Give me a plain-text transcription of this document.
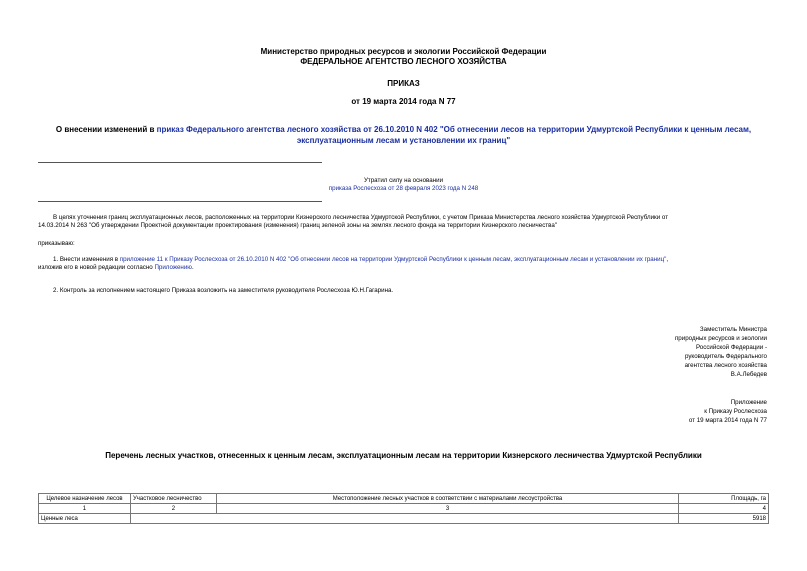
Министерство природных ресурсов и экологии Российской Федерации
ФЕДЕРАЛЬНОЕ АГЕНТСТВО ЛЕСНОГО ХОЗЯЙСТВА
ПРИКАЗ
от 19 марта 2014 года N 77
О внесении изменений в приказ Федерального агентства лесного хозяйства от 26.10.2010 N 402 "Об отнесении лесов на территории Удмуртской Республики к ценным лесам, эксплуатационным лесам и установлении их границ"
Утратил силу на основании
приказа Рослесхоза от 28 февраля 2023 года N 248
В целях уточнения границ эксплуатационных лесов, расположенных на территории Кизнерского лесничества Удмуртской Республики, с учетом Приказа Министерства лесного хозяйства Удмуртской Республики от
14.03.2014 N 263 "Об утверждении Проектной документации проектирования (изменения) границ зеленой зоны на землях лесного фонда на территории Кизнерского лесничества"
приказываю:
1. Внести изменения в приложение 11 к Приказу Рослесхоза от 26.10.2010 N 402 "Об отнесении лесов на территории Удмуртской Республики к ценным лесам, эксплуатационным лесам и установлении их границ",
изложив его в новой редакции согласно Приложению.
2. Контроль за исполнением настоящего Приказа возложить на заместителя руководителя Рослесхоза Ю.Н.Гагарина.
Заместитель Министра
природных ресурсов и экологии
Российской Федерации -
руководитель Федерального
агентства лесного хозяйства
В.А.Лебедев
Приложение
к Приказу Рослесхоза
от 19 марта 2014 года N 77
Перечень лесных участков, отнесенных к ценным лесам, эксплуатационным лесам на территории Кизнерского лесничества Удмуртской Республики
Целевое назначение лесов	Участковое лесничество	Местоположение лесных участков в соответствии с материалами лесоустройства	Площадь, га
1	2	3	4
Ценные леса			5918
